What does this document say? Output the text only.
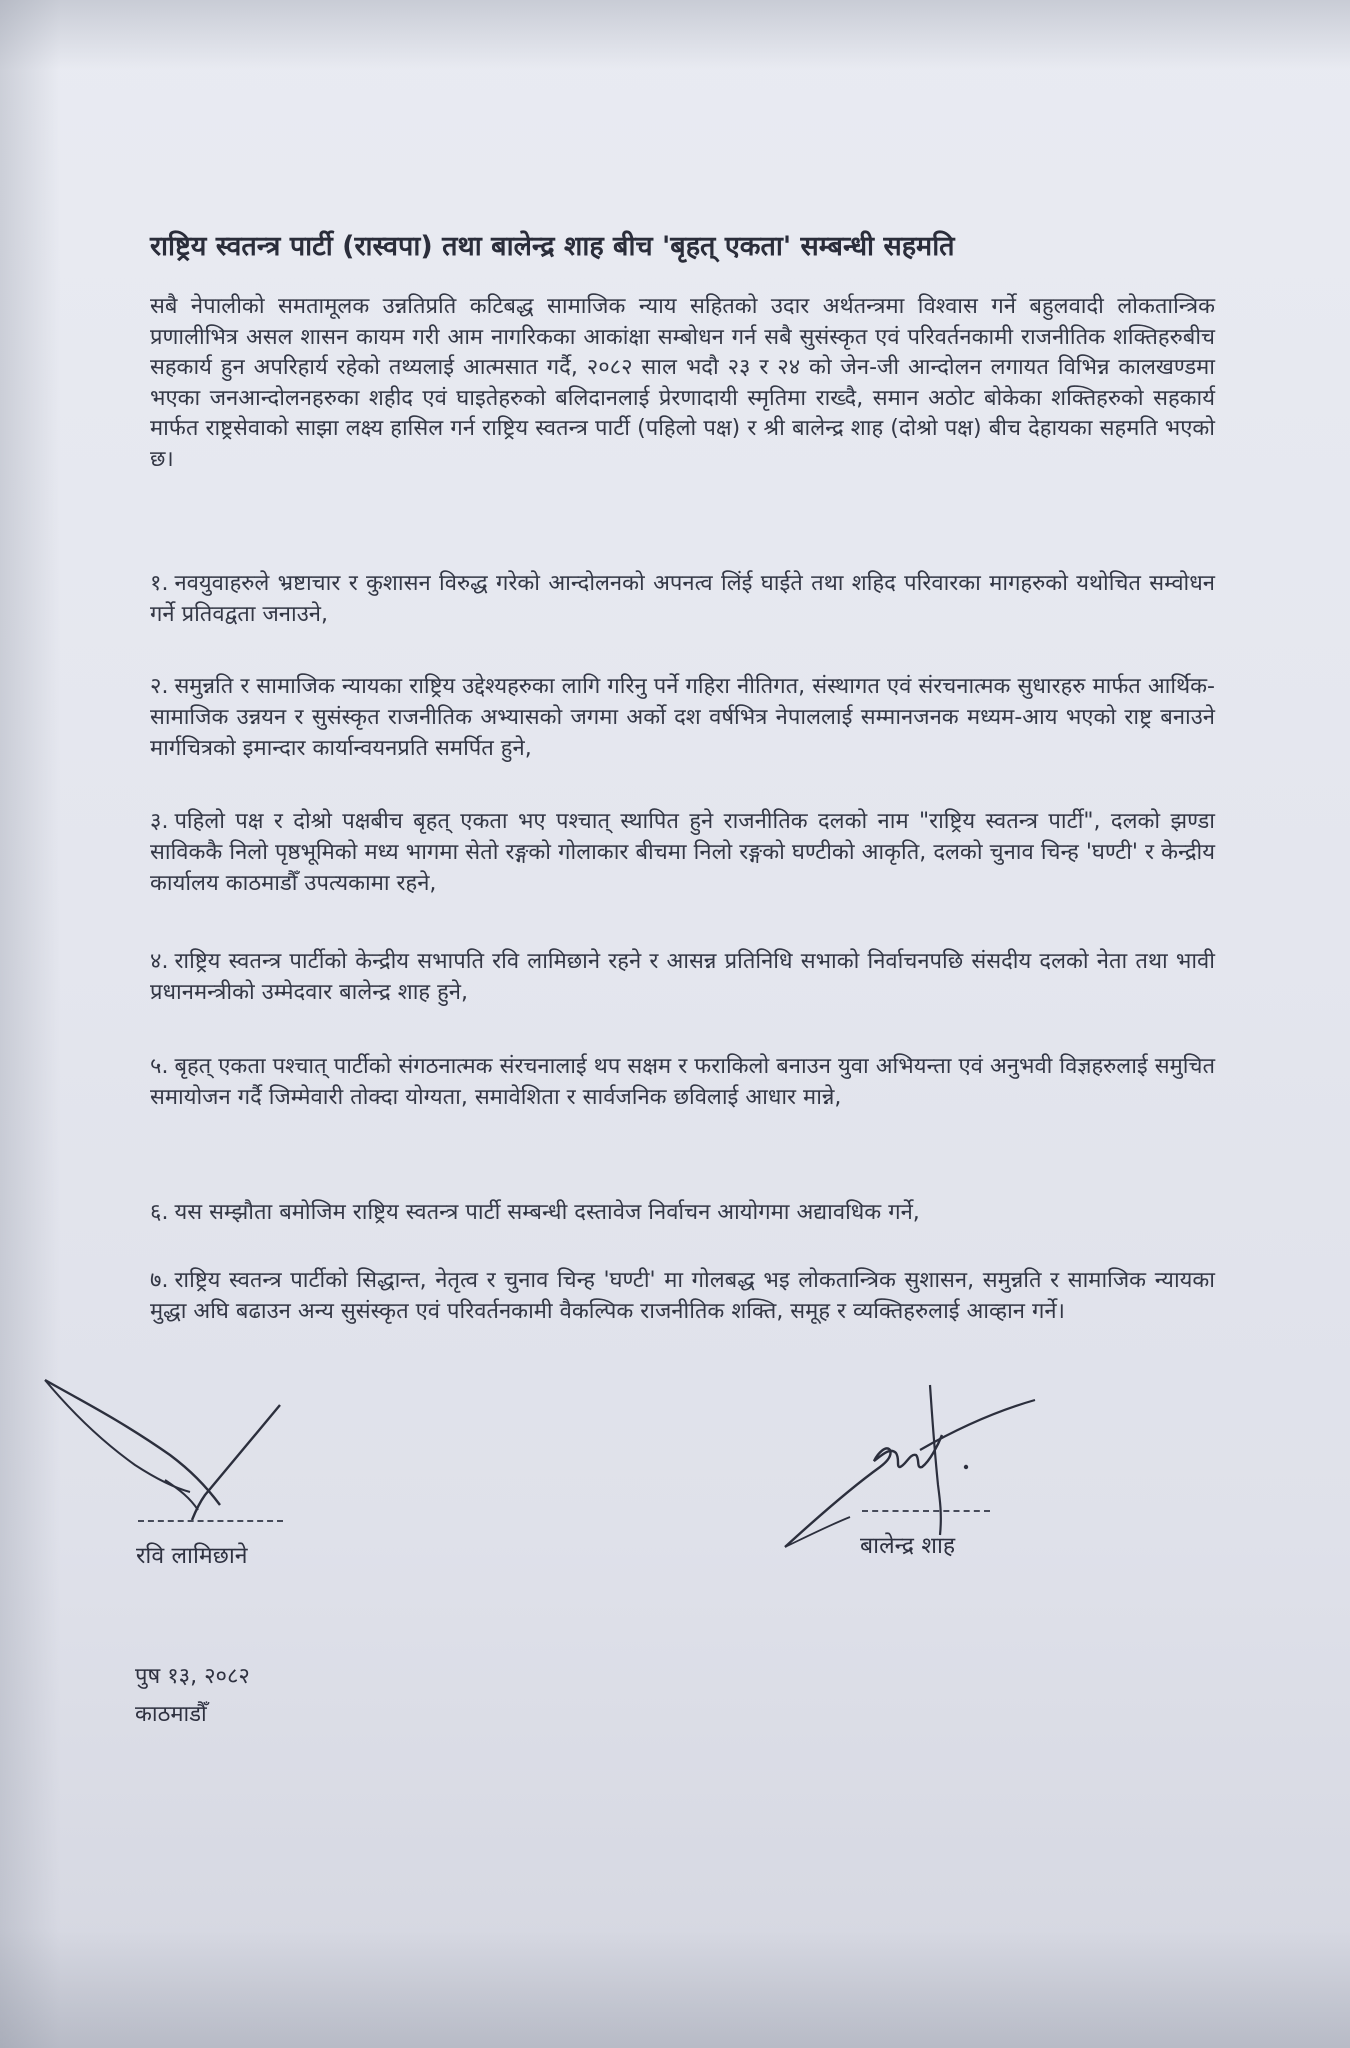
राष्ट्रिय स्वतन्त्र पार्टी (रास्वपा) तथा बालेन्द्र शाह बीच 'बृहत् एकता' सम्बन्धी सहमति
सबै नेपालीको समतामूलक उन्नतिप्रति कटिबद्ध सामाजिक न्याय सहितको उदार अर्थतन्त्रमा विश्वास गर्ने बहुलवादी लोकतान्त्रिक प्रणालीभित्र असल शासन कायम गरी आम नागरिकका आकांक्षा सम्बोधन गर्न सबै सुसंस्कृत एवं परिवर्तनकामी राजनीतिक शक्तिहरुबीच सहकार्य हुन अपरिहार्य रहेको तथ्यलाई आत्मसात गर्दै, २०८२ साल भदौ २३ र २४ को जेन-जी आन्दोलन लगायत विभिन्न कालखण्डमा भएका जनआन्दोलनहरुका शहीद एवं घाइतेहरुको बलिदानलाई प्रेरणादायी स्मृतिमा राख्दै, समान अठोट बोकेका शक्तिहरुको सहकार्य मार्फत राष्ट्रसेवाको साझा लक्ष्य हासिल गर्न राष्ट्रिय स्वतन्त्र पार्टी (पहिलो पक्ष) र श्री बालेन्द्र शाह (दोश्रो पक्ष) बीच देहायका सहमति भएको छ।
१. नवयुवाहरुले भ्रष्टाचार र कुशासन विरुद्ध गरेको आन्दोलनको अपनत्व लिंई घाईते तथा शहिद परिवारका मागहरुको यथोचित सम्वोधन गर्ने प्रतिवद्वता जनाउने,
२. समुन्नति र सामाजिक न्यायका राष्ट्रिय उद्देश्यहरुका लागि गरिनु पर्ने गहिरा नीतिगत, संस्थागत एवं संरचनात्मक सुधारहरु मार्फत आर्थिक-सामाजिक उन्नयन र सुसंस्कृत राजनीतिक अभ्यासको जगमा अर्को दश वर्षभित्र नेपाललाई सम्मानजनक मध्यम-आय भएको राष्ट्र बनाउने मार्गचित्रको इमान्दार कार्यान्वयनप्रति समर्पित हुने,
३. पहिलो पक्ष र दोश्रो पक्षबीच बृहत् एकता भए पश्चात् स्थापित हुने राजनीतिक दलको नाम "राष्ट्रिय स्वतन्त्र पार्टी", दलको झण्डा साविककै निलो पृष्ठभूमिको मध्य भागमा सेतो रङ्गको गोलाकार बीचमा निलो रङ्गको घण्टीको आकृति, दलको चुनाव चिन्ह 'घण्टी' र केन्द्रीय कार्यालय काठमाडौँ उपत्यकामा रहने,
४. राष्ट्रिय स्वतन्त्र पार्टीको केन्द्रीय सभापति रवि लामिछाने रहने र आसन्न प्रतिनिधि सभाको निर्वाचनपछि संसदीय दलको नेता तथा भावी प्रधानमन्त्रीको उम्मेदवार बालेन्द्र शाह हुने,
५. बृहत् एकता पश्चात् पार्टीको संगठनात्मक संरचनालाई थप सक्षम र फराकिलो बनाउन युवा अभियन्ता एवं अनुभवी विज्ञहरुलाई समुचित समायोजन गर्दै जिम्मेवारी तोक्दा योग्यता, समावेशिता र सार्वजनिक छविलाई आधार मान्ने,
६. यस सम्झौता बमोजिम राष्ट्रिय स्वतन्त्र पार्टी सम्बन्धी दस्तावेज निर्वाचन आयोगमा अद्यावधिक गर्ने,
७. राष्ट्रिय स्वतन्त्र पार्टीको सिद्धान्त, नेतृत्व र चुनाव चिन्ह 'घण्टी' मा गोलबद्ध भइ लोकतान्त्रिक सुशासन, समुन्नति र सामाजिक न्यायका मुद्धा अघि बढाउन अन्य सुसंस्कृत एवं परिवर्तनकामी वैकल्पिक राजनीतिक शक्ति, समूह र व्यक्तिहरुलाई आव्हान गर्ने।
रवि लामिछाने	बालेन्द्र शाह
पुष १३, २०८२
काठमाडौँ
